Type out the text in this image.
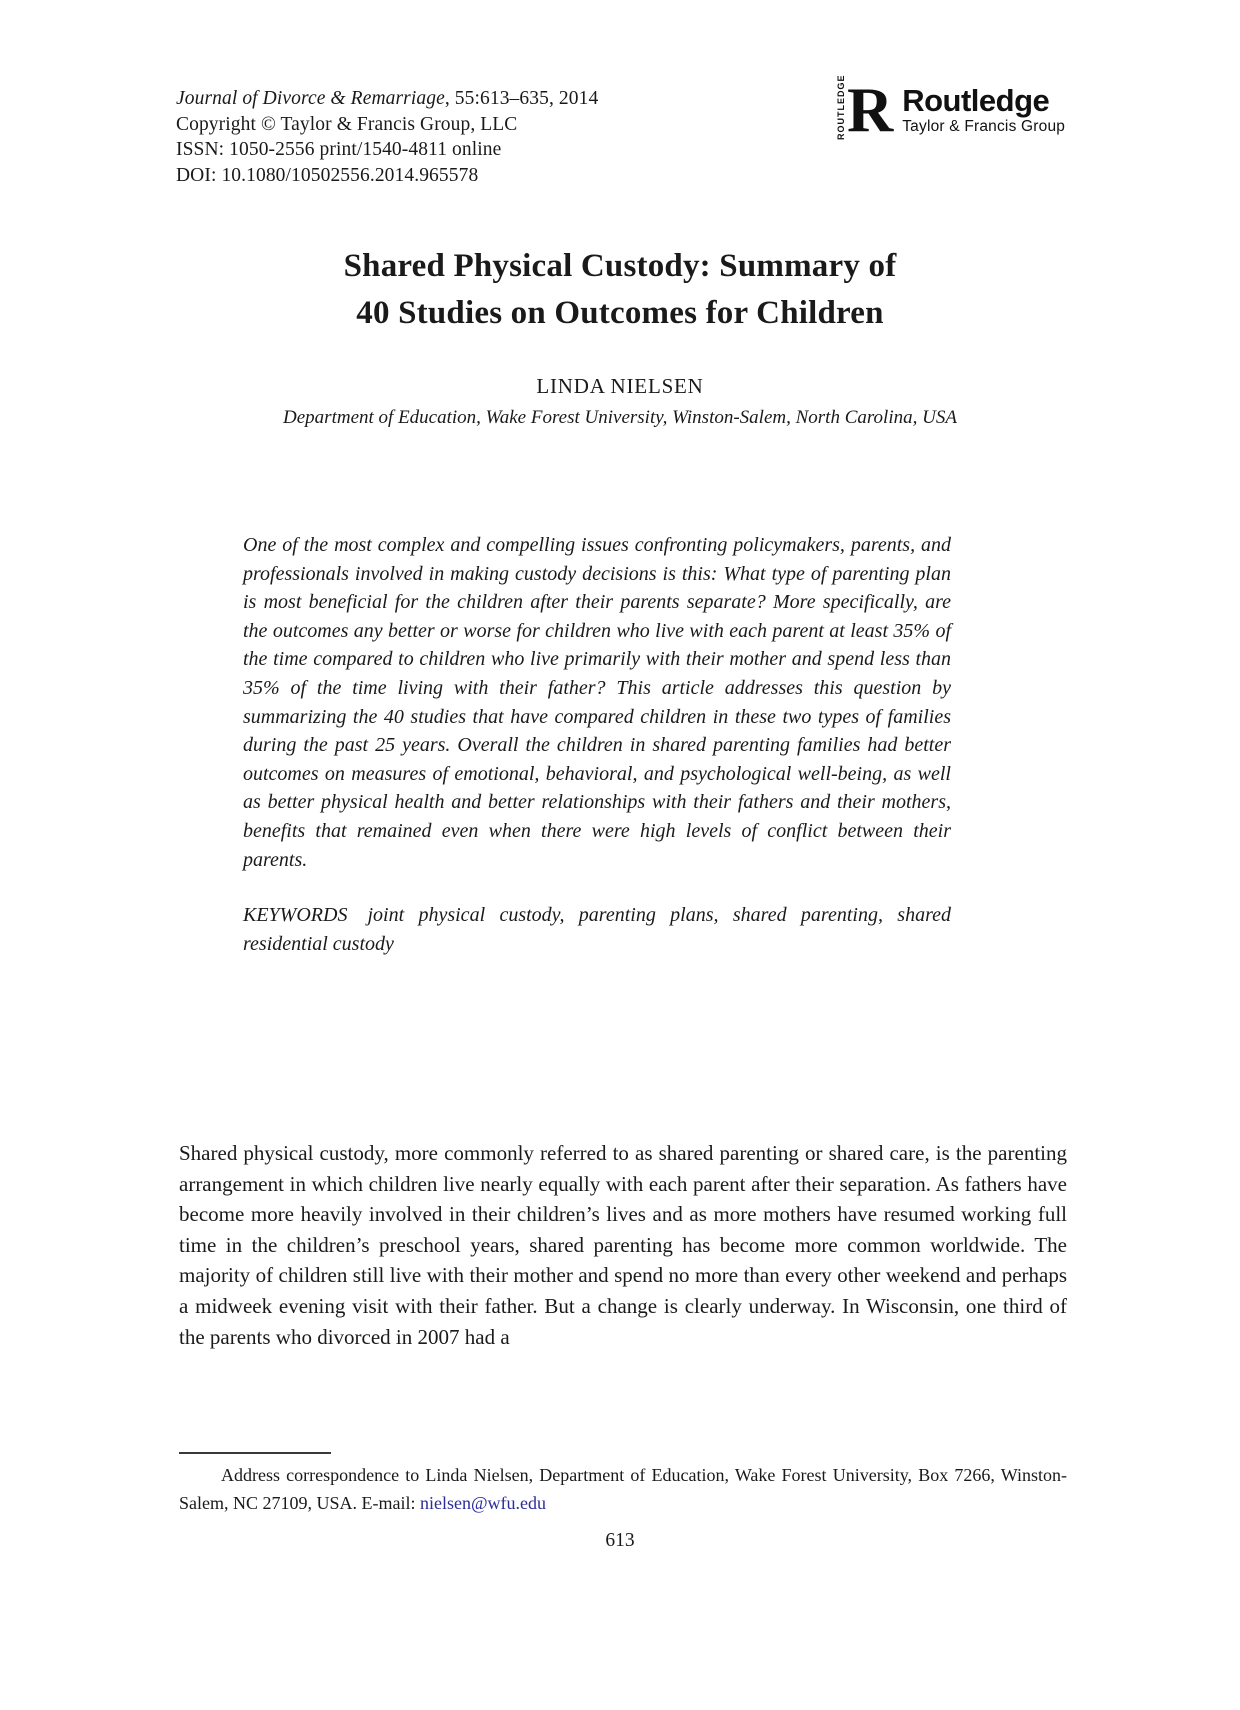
Journal of Divorce & Remarriage, 55:613–635, 2014
Copyright © Taylor & Francis Group, LLC
ISSN: 1050-2556 print/1540-4811 online
DOI: 10.1080/10502556.2014.965578
ROUTLEDGE R Routledge
Taylor & Francis Group
Shared Physical Custody: Summary of
40 Studies on Outcomes for Children
LINDA NIELSEN
Department of Education, Wake Forest University, Winston-Salem, North Carolina, USA
One of the most complex and compelling issues confronting policymakers, parents, and professionals involved in making custody decisions is this: What type of parenting plan is most beneficial for the children after their parents separate? More specifically, are the outcomes any better or worse for children who live with each parent at least 35% of the time compared to children who live primarily with their mother and spend less than 35% of the time living with their father? This article addresses this question by summarizing the 40 studies that have compared children in these two types of families during the past 25 years. Overall the children in shared parenting families had better outcomes on measures of emotional, behavioral, and psychological well-being, as well as better physical health and better relationships with their fathers and their mothers, benefits that remained even when there were high levels of conflict between their parents.
KEYWORDS joint physical custody, parenting plans, shared parenting, shared residential custody
Shared physical custody, more commonly referred to as shared parenting or shared care, is the parenting arrangement in which children live nearly equally with each parent after their separation. As fathers have become more heavily involved in their children’s lives and as more mothers have resumed working full time in the children’s preschool years, shared parenting has become more common worldwide. The majority of children still live with their mother and spend no more than every other weekend and perhaps a midweek evening visit with their father. But a change is clearly underway. In Wisconsin, one third of the parents who divorced in 2007 had a
Address correspondence to Linda Nielsen, Department of Education, Wake Forest University, Box 7266, Winston-Salem, NC 27109, USA. E-mail: nielsen@wfu.edu
613
